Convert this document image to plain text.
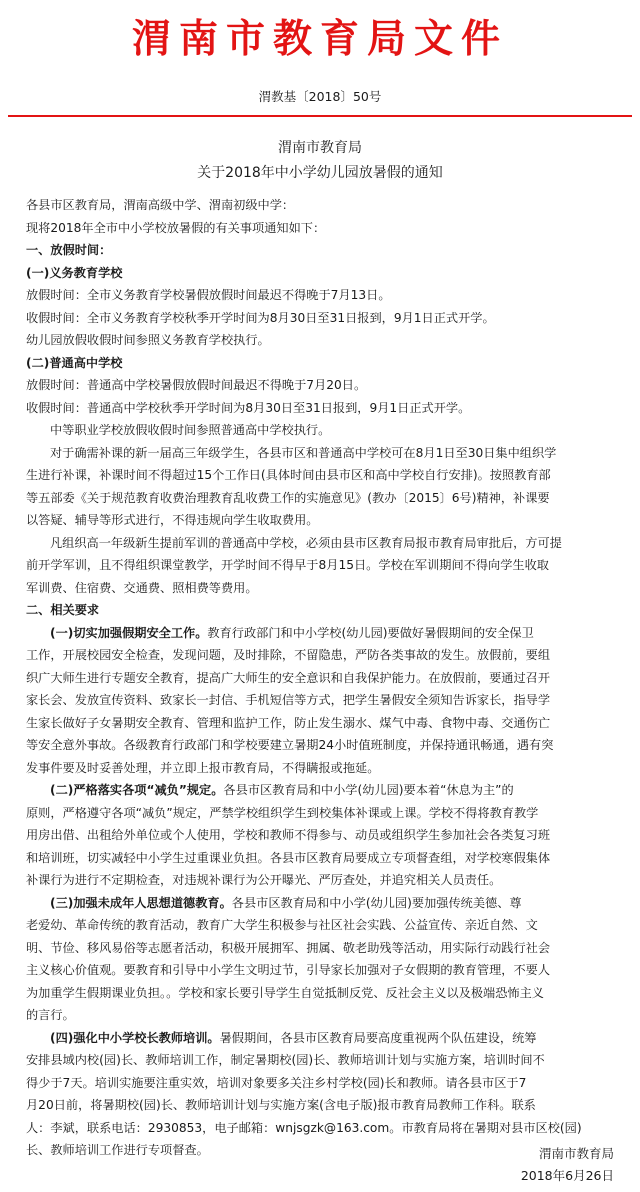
渭南市教育局文件
渭教基〔2018〕50号
渭南市教育局
关于2018年中小学幼儿园放暑假的通知

各县市区教育局，渭南高级中学、渭南初级中学：

现将2018年全市中小学校放暑假的有关事项通知如下：

一、放假时间：

(一)义务教育学校

放假时间：全市义务教育学校暑假放假时间最迟不得晚于7月13日。

收假时间：全市义务教育学校秋季开学时间为8月30日至31日报到，9月1日正式开学。

幼儿园放假收假时间参照义务教育学校执行。

(二)普通高中学校

放假时间：普通高中学校暑假放假时间最迟不得晚于7月20日。

收假时间：普通高中学校秋季开学时间为8月30日至31日报到，9月1日正式开学。

中等职业学校放假收假时间参照普通高中学校执行。

对于确需补课的新一届高三年级学生，各县市区和普通高中学校可在8月1日至30日集中组织学

生进行补课，补课时间不得超过15个工作日(具体时间由县市区和高中学校自行安排)。按照教育部

等五部委《关于规范教育收费治理教育乱收费工作的实施意见》(教办〔2015〕6号)精神，补课要

以答疑、辅导等形式进行，不得违规向学生收取费用。

凡组织高一年级新生提前军训的普通高中学校，必须由县市区教育局报市教育局审批后，方可提

前开学军训，且不得组织课堂教学，开学时间不得早于8月15日。学校在军训期间不得向学生收取

军训费、住宿费、交通费、照相费等费用。

二、相关要求

(一)切实加强假期安全工作。教育行政部门和中小学校(幼儿园)要做好暑假期间的安全保卫

工作，开展校园安全检查，发现问题，及时排除，不留隐患，严防各类事故的发生。放假前，要组

织广大师生进行专题安全教育，提高广大师生的安全意识和自我保护能力。在放假前，要通过召开

家长会、发放宣传资料、致家长一封信、手机短信等方式，把学生暑假安全须知告诉家长，指导学

生家长做好子女暑期安全教育、管理和监护工作，防止发生溺水、煤气中毒、食物中毒、交通伤亡

等安全意外事故。各级教育行政部门和学校要建立暑期24小时值班制度，并保持通讯畅通，遇有突

发事件要及时妥善处理，并立即上报市教育局，不得瞒报或拖延。

(二)严格落实各项“减负”规定。各县市区教育局和中小学(幼儿园)要本着“休息为主”的

原则，严格遵守各项“减负”规定，严禁学校组织学生到校集体补课或上课。学校不得将教育教学

用房出借、出租给外单位或个人使用，学校和教师不得参与、动员或组织学生参加社会各类复习班

和培训班，切实减轻中小学生过重课业负担。各县市区教育局要成立专项督查组，对学校寒假集体

补课行为进行不定期检查，对违规补课行为公开曝光、严厉查处，并追究相关人员责任。

(三)加强未成年人思想道德教育。各县市区教育局和中小学(幼儿园)要加强传统美德、尊

老爱幼、革命传统的教育活动，教育广大学生积极参与社区社会实践、公益宣传、亲近自然、文

明、节俭、移风易俗等志愿者活动，积极开展拥军、拥属、敬老助残等活动，用实际行动践行社会

主义核心价值观。要教育和引导中小学生文明过节，引导家长加强对子女假期的教育管理，不要人

为加重学生假期课业负担。。学校和家长要引导学生自觉抵制反党、反社会主义以及极端恐怖主义

的言行。

(四)强化中小学校长教师培训。暑假期间，各县市区教育局要高度重视两个队伍建设，统筹

安排县域内校(园)长、教师培训工作，制定暑期校(园)长、教师培训计划与实施方案，培训时间不

得少于7天。培训实施要注重实效，培训对象要多关注乡村学校(园)长和教师。请各县市区于7

月20日前，将暑期校(园)长、教师培训计划与实施方案(含电子版)报市教育局教师工作科。联系

人：李斌，联系电话：2930853，电子邮箱：wnjsgzk@163.com。市教育局将在暑期对县市区校(园)

长、教师培训工作进行专项督查。	渭南市教育局
2018年6月26日
